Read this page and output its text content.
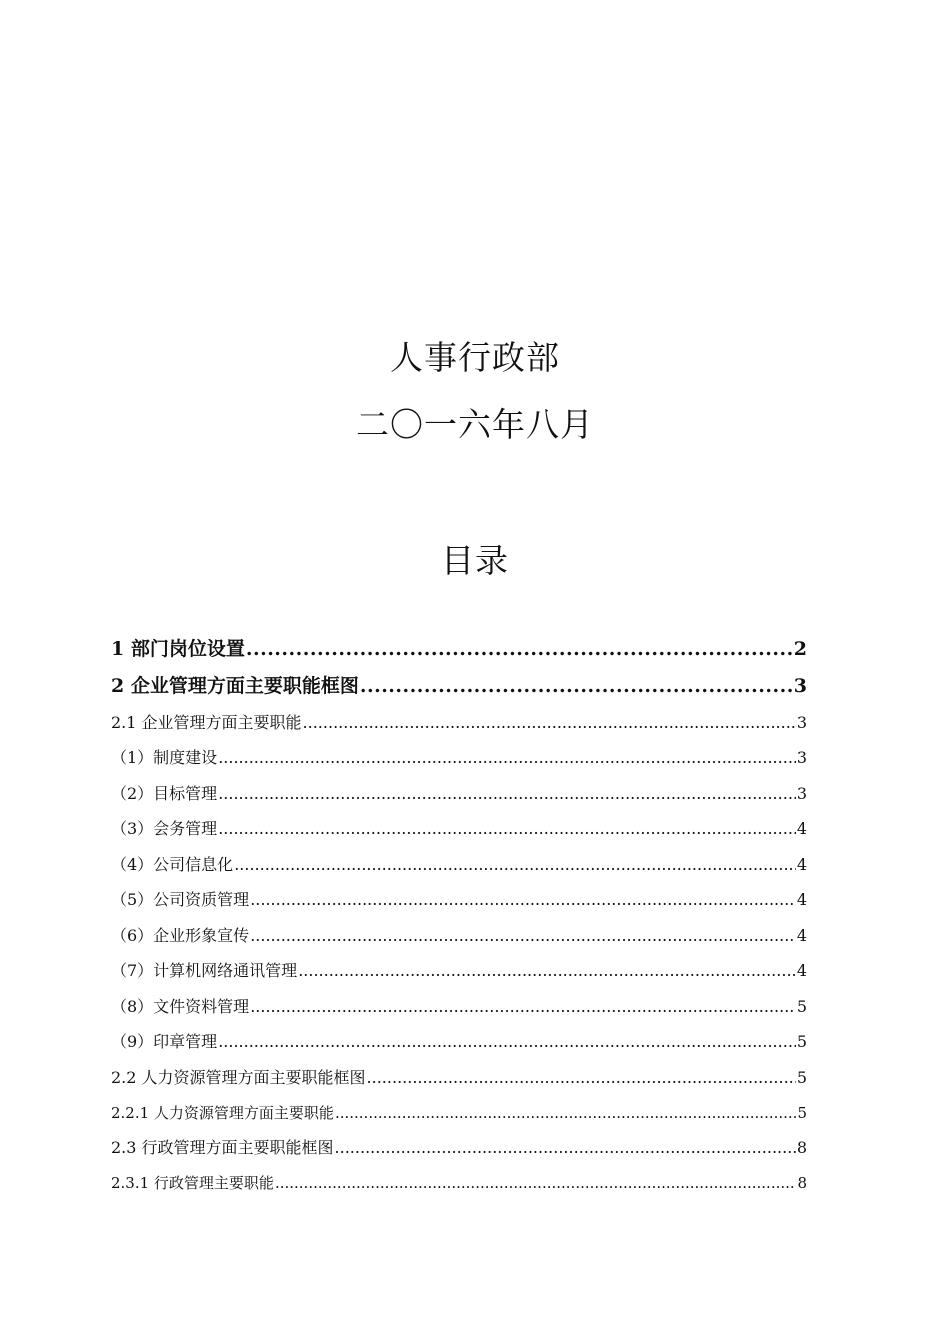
人事行政部
二〇一六年八月
目录
1 部门岗位设置 .....	2
2 企业管理方面主要职能框图 .....	3
2.1 企业管理方面主要职能 .....	3
（1）制度建设 .....	3
（2）目标管理 .....	3
（3）会务管理 .....	4
（4）公司信息化 .....	4
（5）公司资质管理 .....	4
（6）企业形象宣传 .....	4
（7）计算机网络通讯管理 .....	4
（8）文件资料管理 .....	5
（9）印章管理 .....	5
2.2 人力资源管理方面主要职能框图 .....	5
2.2.1 人力资源管理方面主要职能 .....	5
2.3 行政管理方面主要职能框图 .....	8
2.3.1 行政管理主要职能 .....	8
